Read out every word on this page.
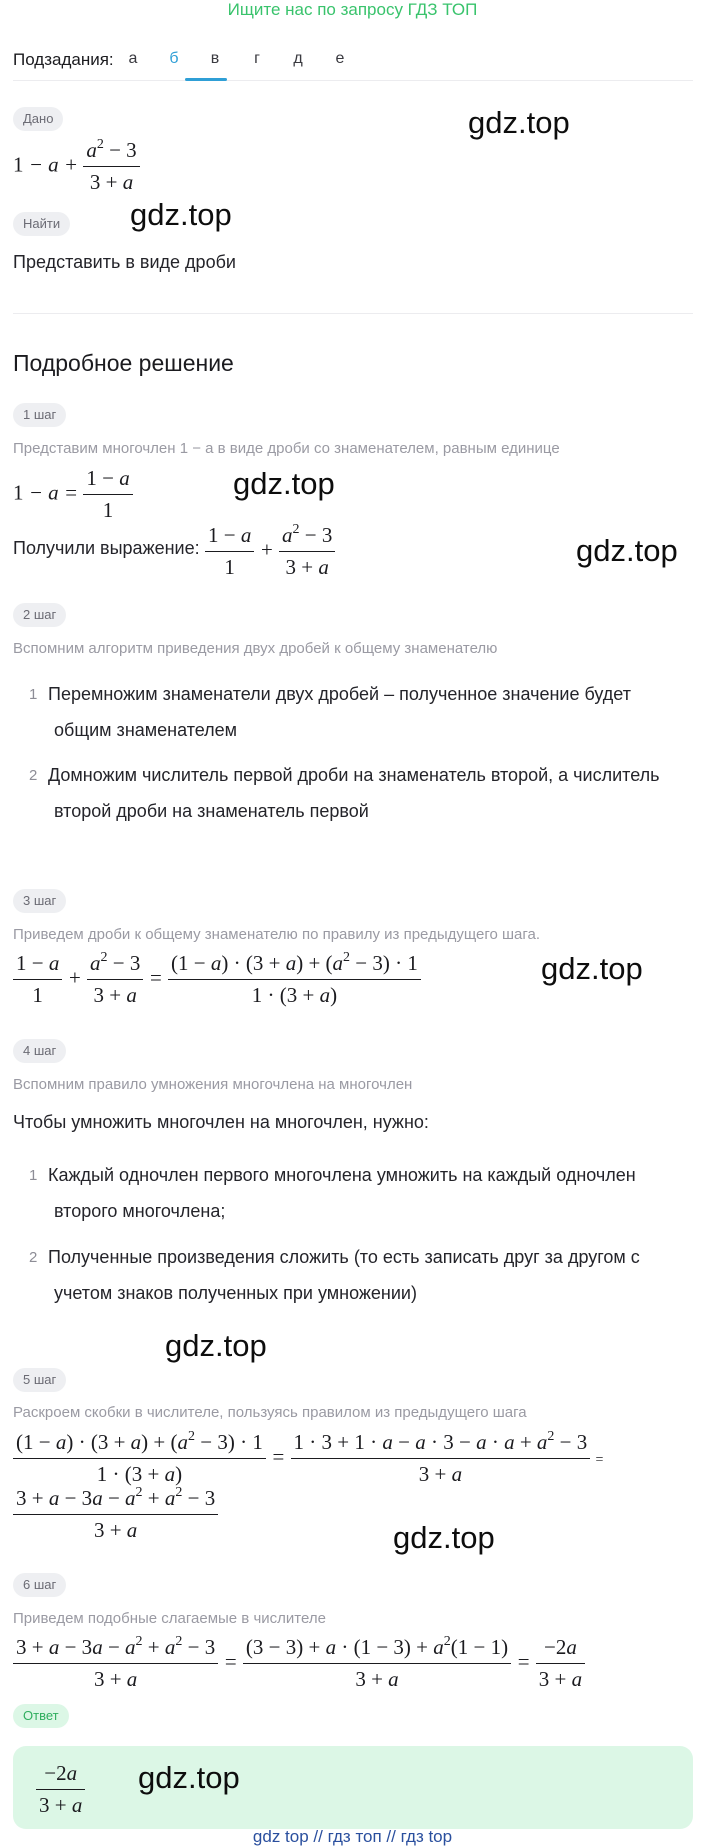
Ищите нас по запросу ГДЗ ТОП
Подзадания: а	б	в	г	д	е
Дано
$1 - a + \frac{a^2 - 3}{3 + a}$
gdz.top
Найти	gdz.top
Представить в виде дроби
Подробное решение
1 шаг
Представим многочлен 1 − a в виде дроби со знаменателем, равным единице
$1 - a = \frac{1 - a}{1}$	gdz.top
Получили выражение: $\frac{1 - a}{1} + \frac{a^2 - 3}{3 + a}$	gdz.top
2 шаг
Вспомним алгоритм приведения двух дробей к общему знаменателю
1 Перемножим знаменатели двух дробей – полученное значение будет
общим знаменателем
2 Домножим числитель первой дроби на знаменатель второй, а числитель
второй дроби на знаменатель первой
3 шаг
Приведем дроби к общему знаменателю по правилу из предыдущего шага.
$\frac{1 - a}{1} + \frac{a^2 - 3}{3 + a} = \frac{(1 - a) \cdot (3 + a) + (a^2 - 3) \cdot 1}{1 \cdot (3 + a)}$	gdz.top
4 шаг
Вспомним правило умножения многочлена на многочлен
Чтобы умножить многочлен на многочлен, нужно:
1 Каждый одночлен первого многочлена умножить на каждый одночлен
второго многочлена;
2 Полученные произведения сложить (то есть записать друг за другом с
учетом знаков полученных при умножении)
gdz.top
5 шаг
Раскроем скобки в числителе, пользуясь правилом из предыдущего шага
$\frac{(1 - a) \cdot (3 + a) + (a^2 - 3) \cdot 1}{1 \cdot (3 + a)} = \frac{1 \cdot 3 + 1 \cdot a - a \cdot 3 - a \cdot a + a^2 - 3}{3 + a}$ =
$\frac{3 + a - 3a - a^2 + a^2 - 3}{3 + a}$	gdz.top
6 шаг
Приведем подобные слагаемые в числителе
$\frac{3 + a - 3a - a^2 + a^2 - 3}{3 + a} = \frac{(3 - 3) + a \cdot (1 - 3) + a^2(1 - 1)}{3 + a} = \frac{-2a}{3 + a}$
Ответ
$\frac{-2a}{3 + a} gdz.top$
gdz top // гдз топ // гдз top
